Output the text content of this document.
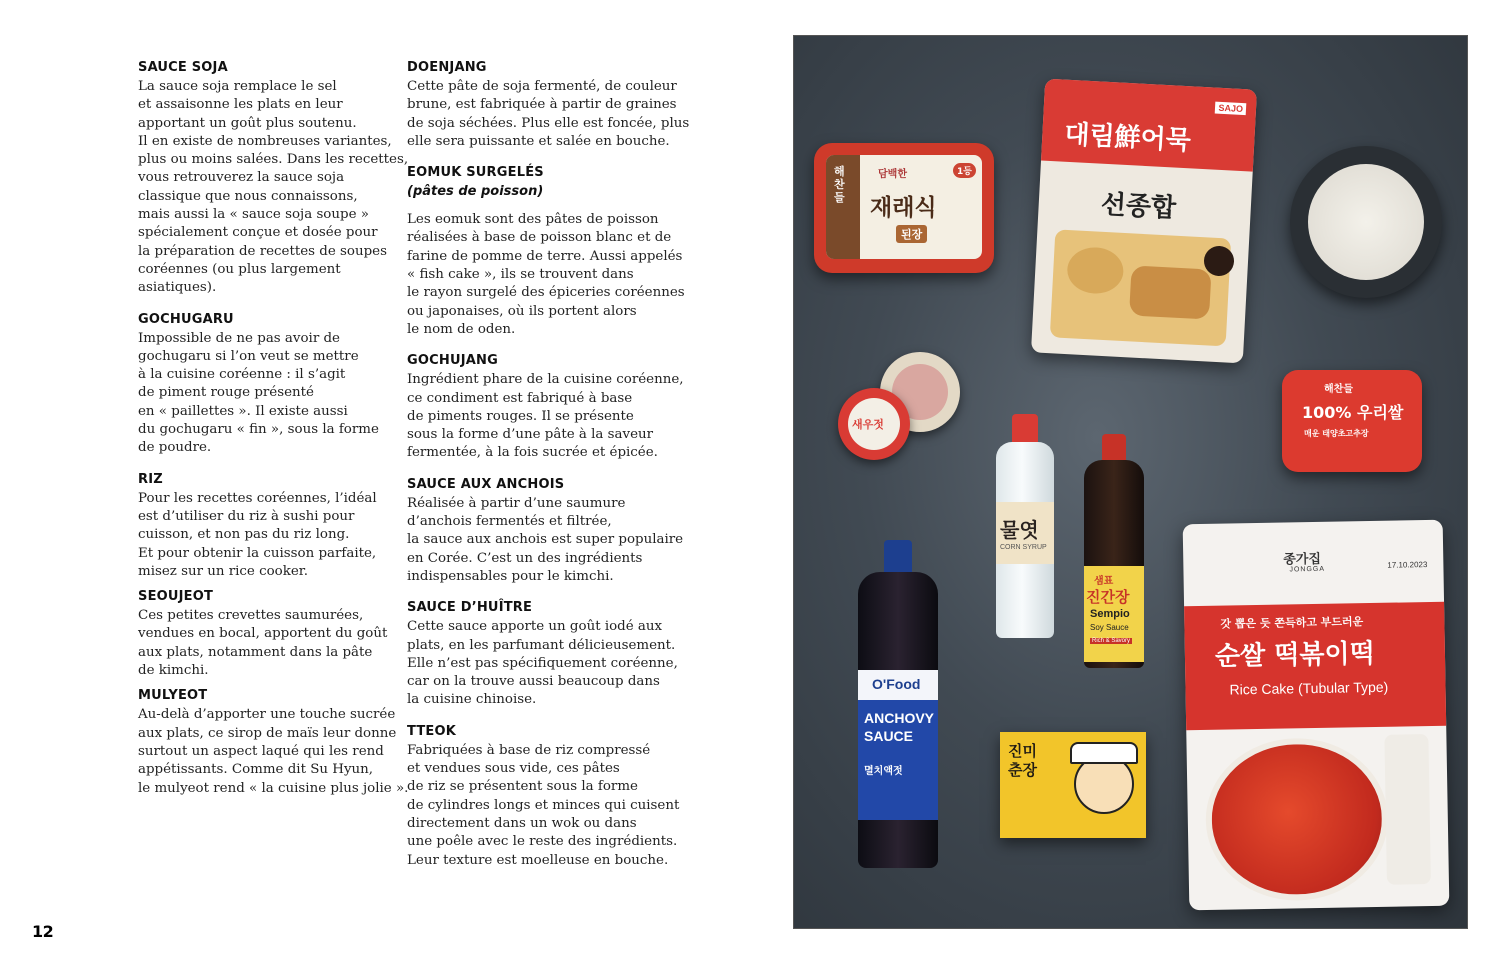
SAUCE SOJA
La sauce soja remplace le sel
et assaisonne les plats en leur
apportant un goût plus soutenu.
Il en existe de nombreuses variantes,
plus ou moins salées. Dans les recettes,
vous retrouverez la sauce soja
classique que nous connaissons,
mais aussi la « sauce soja soupe »
spécialement conçue et dosée pour
la préparation de recettes de soupes
coréennes (ou plus largement
asiatiques).
GOCHUGARU
Impossible de ne pas avoir de
gochugaru si l’on veut se mettre
à la cuisine coréenne : il s’agit
de piment rouge présenté
en « paillettes ». Il existe aussi
du gochugaru « fin », sous la forme
de poudre.
RIZ
Pour les recettes coréennes, l’idéal
est d’utiliser du riz à sushi pour
cuisson, et non pas du riz long.
Et pour obtenir la cuisson parfaite,
misez sur un rice cooker.
SEOUJEOT
Ces petites crevettes saumurées,
vendues en bocal, apportent du goût
aux plats, notamment dans la pâte
de kimchi.
MULYEOT
Au-delà d’apporter une touche sucrée
aux plats, ce sirop de maïs leur donne
surtout un aspect laqué qui les rend
appétissants. Comme dit Su Hyun,
le mulyeot rend « la cuisine plus jolie ».
DOENJANG
Cette pâte de soja fermenté, de couleur
brune, est fabriquée à partir de graines
de soja séchées. Plus elle est foncée, plus
elle sera puissante et salée en bouche.
EOMUK SURGELÉS
(pâtes de poisson)
Les eomuk sont des pâtes de poisson
réalisées à base de poisson blanc et de
farine de pomme de terre. Aussi appelés
« fish cake », ils se trouvent dans
le rayon surgelé des épiceries coréennes
ou japonaises, où ils portent alors
le nom de oden.
GOCHUJANG
Ingrédient phare de la cuisine coréenne,
ce condiment est fabriqué à base
de piments rouges. Il se présente
sous la forme d’une pâte à la saveur
fermentée, à la fois sucrée et épicée.
SAUCE AUX ANCHOIS
Réalisée à partir d’une saumure
d’anchois fermentés et filtrée,
la sauce aux anchois est super populaire
en Corée. C’est un des ingrédients
indispensables pour le kimchi.
SAUCE D’HUÎTRE
Cette sauce apporte un goût iodé aux
plats, en les parfumant délicieusement.
Elle n’est pas spécifiquement coréenne,
car on la trouve aussi beaucoup dans
la cuisine chinoise.
TTEOK
Fabriquées à base de riz compressé
et vendues sous vide, ces pâtes
de riz se présentent sous la forme
de cylindres longs et minces qui cuisent
directement dans un wok ou dans
une poêle avec le reste des ingrédients.
Leur texture est moelleuse en bouche.
12
해찬들
담백한	1등
재래식
된장
SAJO
대림鮮어묵
선종합
새우젓
해찬들
100% 우리쌀
매운 태양초고추장
물엿
CORN SYRUP
샘표
진간장
Sempio
Soy Sauce
Rich & Savory
O'Food
ANCHOVY
SAUCE
멸치액젓
진미춘장
종가집
JONGGA	17.10.2023
갓 뽑은 듯 쫀득하고 부드러운
순쌀 떡볶이떡
Rice Cake (Tubular Type)
